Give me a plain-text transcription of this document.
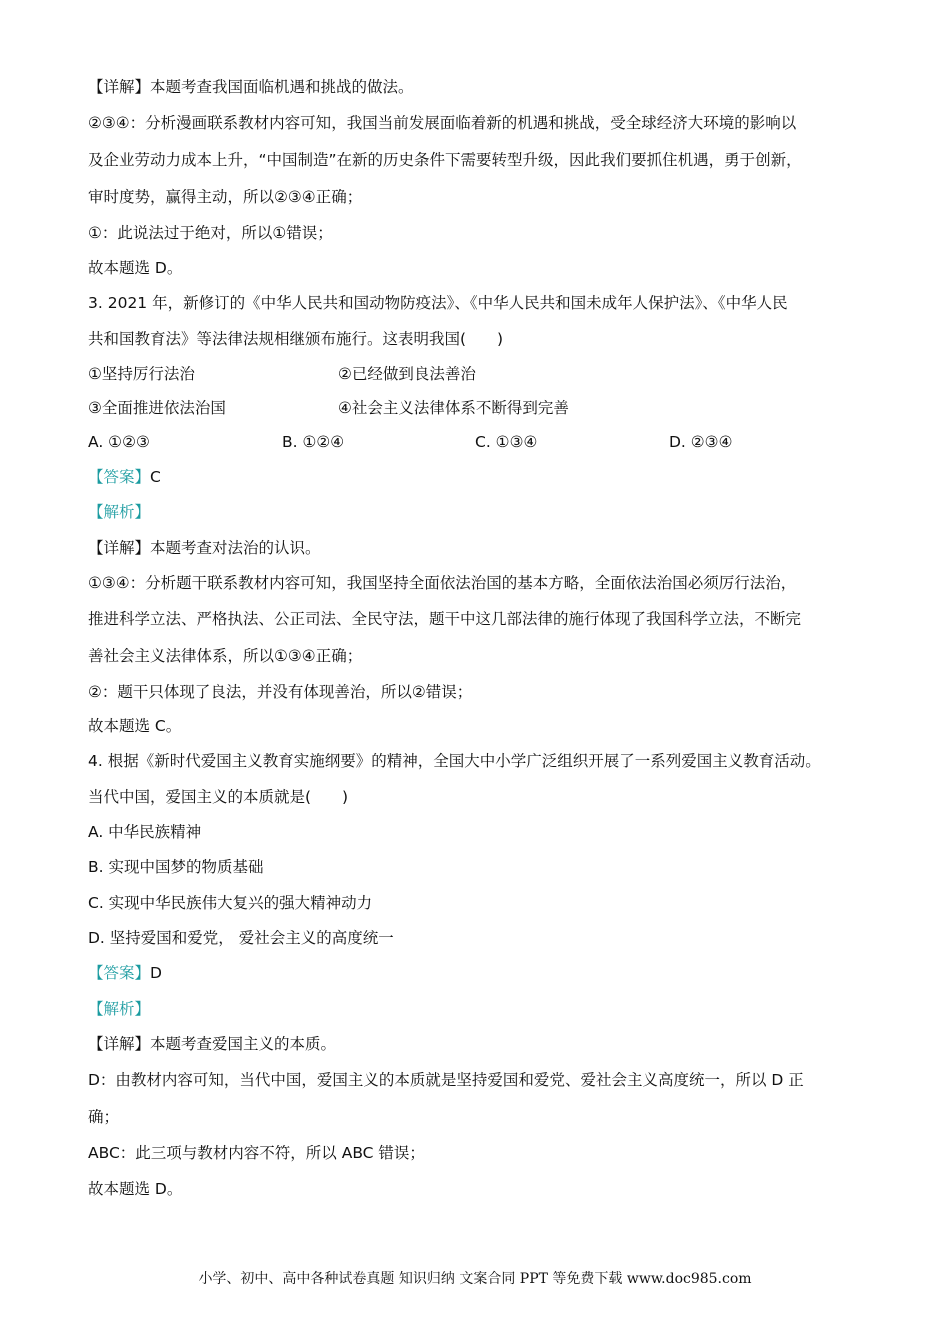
【详解】本题考查我国面临机遇和挑战的做法。
②③④：分析漫画联系教材内容可知，我国当前发展面临着新的机遇和挑战，受全球经济大环境的影响以
及企业劳动力成本上升，“中国制造”在新的历史条件下需要转型升级，因此我们要抓住机遇，勇于创新，
审时度势，赢得主动，所以②③④正确；
①：此说法过于绝对，所以①错误；
故本题选 D。
3. 2021 年，新修订的《中华人民共和国动物防疫法》、《中华人民共和国未成年人保护法》、《中华人民
共和国教育法》等法律法规相继颁布施行。这表明我国(　　)
①坚持厉行法治	②已经做到良法善治
③全面推进依法治国	④社会主义法律体系不断得到完善
A. ①②③	B. ①②④	C. ①③④	D. ②③④
【答案】C
【解析】
【详解】本题考查对法治的认识。
①③④：分析题干联系教材内容可知，我国坚持全面依法治国的基本方略，全面依法治国必须厉行法治，
推进科学立法、严格执法、公正司法、全民守法，题干中这几部法律的施行体现了我国科学立法，不断完
善社会主义法律体系，所以①③④正确；
②：题干只体现了良法，并没有体现善治，所以②错误；
故本题选 C。
4. 根据《新时代爱国主义教育实施纲要》的精神，全国大中小学广泛组织开展了一系列爱国主义教育活动。
当代中国，爱国主义的本质就是(　　)
A. 中华民族精神
B. 实现中国梦的物质基础
C. 实现中华民族伟大复兴的强大精神动力
D. 坚持爱国和爱党， 爱社会主义的高度统一
【答案】D
【解析】
【详解】本题考查爱国主义的本质。
D：由教材内容可知，当代中国，爱国主义的本质就是坚持爱国和爱党、爱社会主义高度统一，所以 D 正
确；
ABC：此三项与教材内容不符，所以 ABC 错误；
故本题选 D。
小学、初中、高中各种试卷真题 知识归纳 文案合同 PPT 等免费下载 www.doc985.com
